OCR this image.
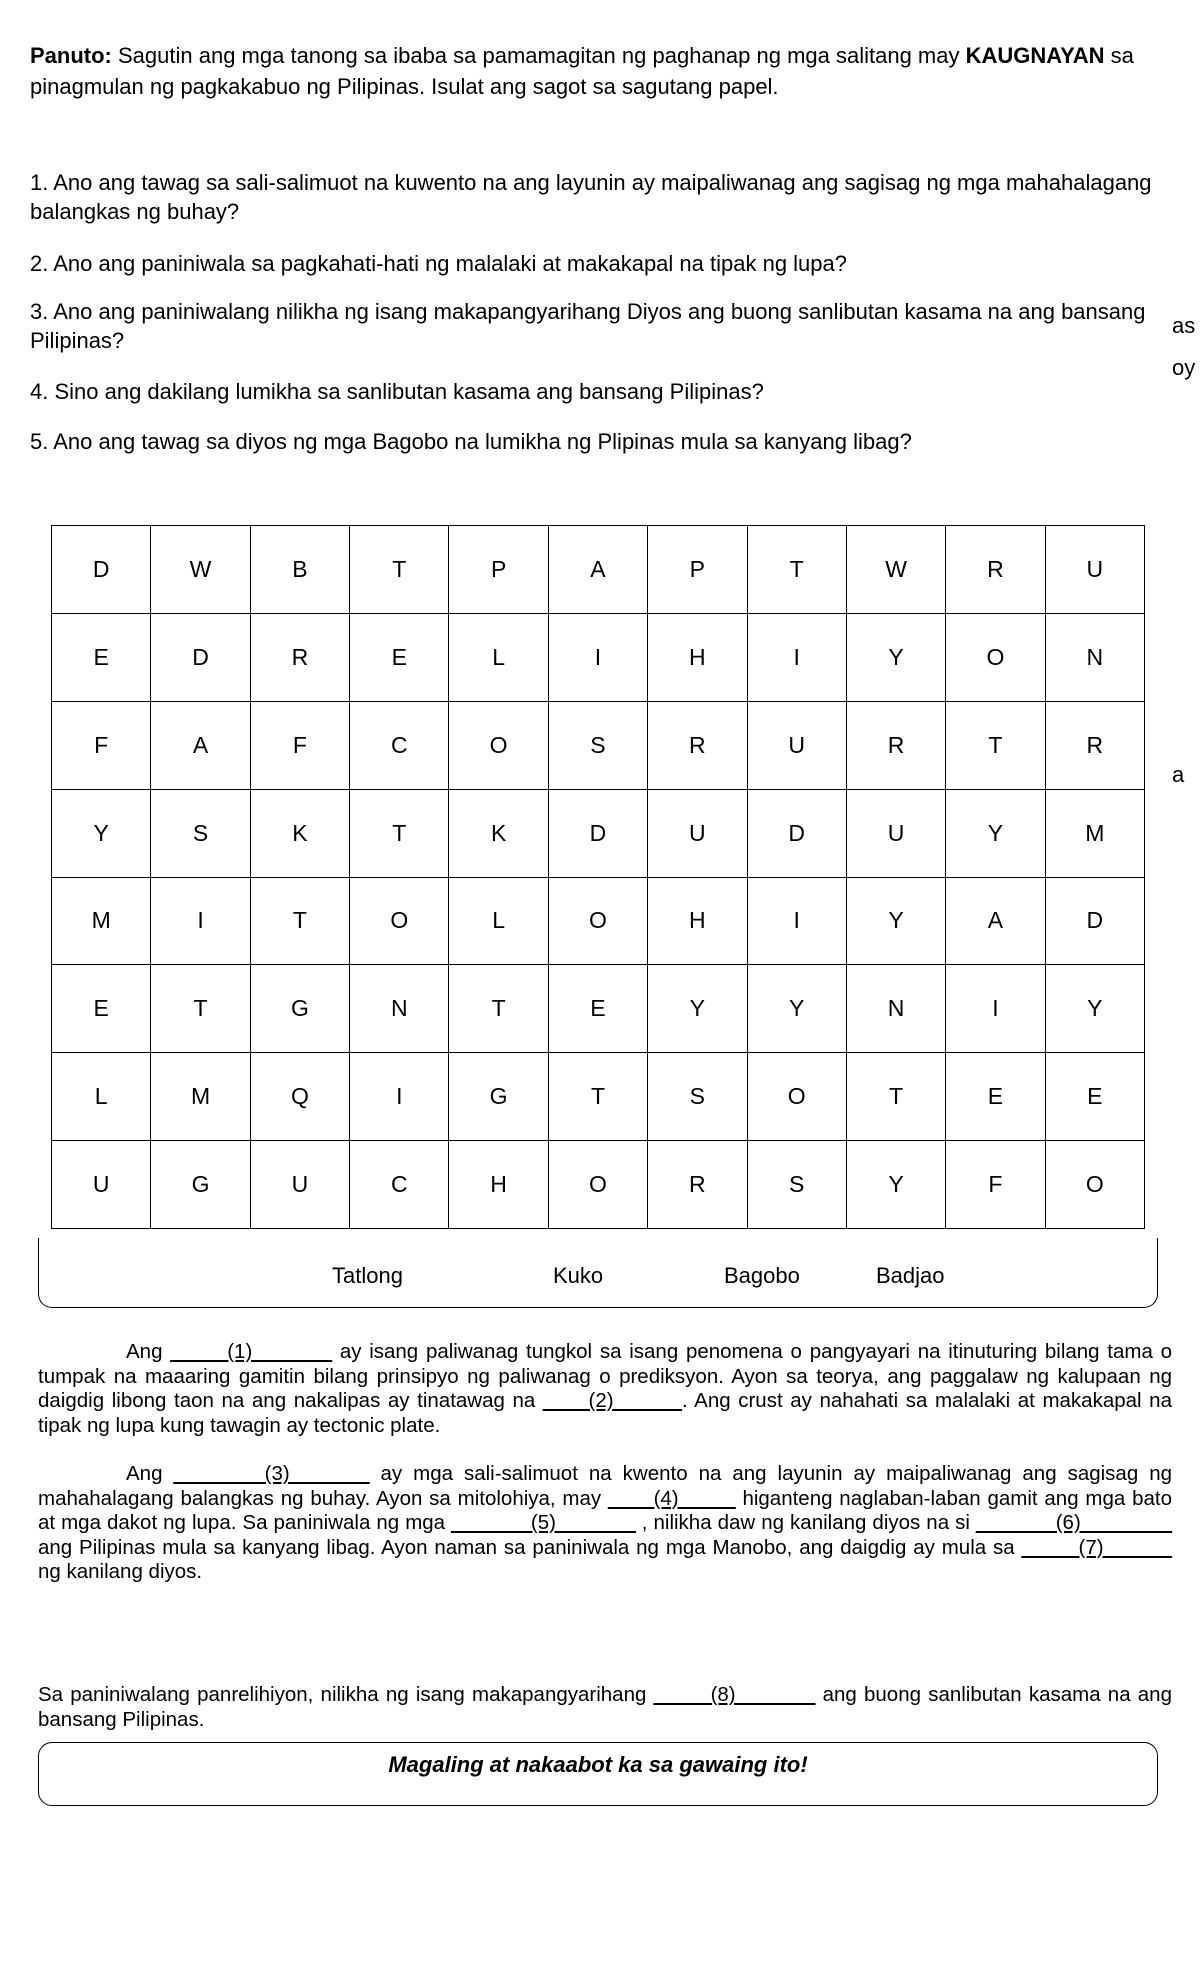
Panuto: Sagutin ang mga tanong sa ibaba sa pamamagitan ng paghanap ng mga salitang may KAUGNAYAN sa pinagmulan ng pagkakabuo ng Pilipinas. Isulat ang sagot sa sagutang papel.
1. Ano ang tawag sa sali-salimuot na kuwento na ang layunin ay maipaliwanag ang sagisag ng mga mahahalagang balangkas ng buhay?
2. Ano ang paniniwala sa pagkahati-hati ng malalaki at makakapal na tipak ng lupa?
3. Ano ang paniniwalang nilikha ng isang makapangyarihang Diyos ang buong sanlibutan kasama na ang bansang Pilipinas?
4. Sino ang dakilang lumikha sa sanlibutan kasama ang bansang Pilipinas?
5. Ano ang tawag sa diyos ng mga Bagobo na lumikha ng Plipinas mula sa kanyang libag?
as
oy
a
D	W	B	T	P	A	P	T	W	R	U
E	D	R	E	L	I	H	I	Y	O	N
F	A	F	C	O	S	R	U	R	T	R
Y	S	K	T	K	D	U	D	U	Y	M
M	I	T	O	L	O	H	I	Y	A	D
E	T	G	N	T	E	Y	Y	N	I	Y
L	M	Q	I	G	T	S	O	T	E	E
U	G	U	C	H	O	R	S	Y	F	O
Tatlong	Kuko	Bagobo	Badjao
Ang _____(1)_______ ay isang paliwanag tungkol sa isang penomena o pangyayari na itinuturing bilang tama o tumpak na maaaring gamitin bilang prinsipyo ng paliwanag o prediksyon. Ayon sa teorya, ang paggalaw ng kalupaan ng daigdig libong taon na ang nakalipas ay tinatawag na ____(2)______. Ang crust ay nahahati sa malalaki at makakapal na tipak ng lupa kung tawagin ay tectonic plate.
Ang ________(3)_______ ay mga sali-salimuot na kwento na ang layunin ay maipaliwanag ang sagisag ng mahahalagang balangkas ng buhay. Ayon sa mitolohiya, may ____(4)_____ higanteng naglaban-laban gamit ang mga bato at mga dakot ng lupa. Sa paniniwala ng mga _______(5)_______ , nilikha daw ng kanilang diyos na si _______(6)________ ang Pilipinas mula sa kanyang libag. Ayon naman sa paniniwala ng mga Manobo, ang daigdig ay mula sa _____(7)______ ng kanilang diyos.
Sa paniniwalang panrelihiyon, nilikha ng isang makapangyarihang _____(8)_______ ang buong sanlibutan kasama na ang bansang Pilipinas.
Magaling at nakaabot ka sa gawaing ito!
